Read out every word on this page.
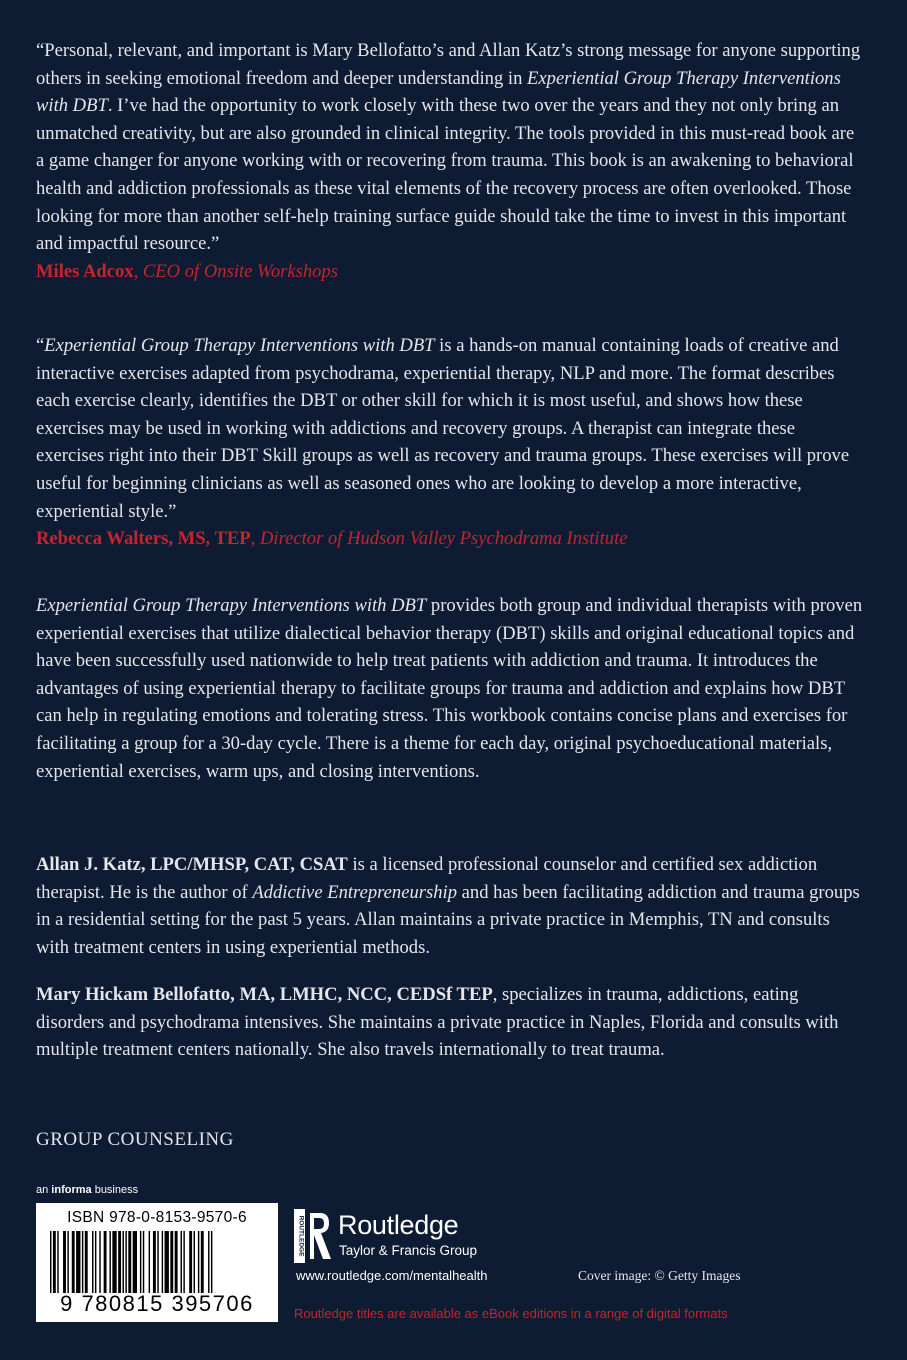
“Personal, relevant, and important is Mary Bellofatto’s and Allan Katz’s strong message for anyone supporting others in seeking emotional freedom and deeper understanding in Experiential Group Therapy Interventions with DBT. I’ve had the opportunity to work closely with these two over the years and they not only bring an unmatched creativity, but are also grounded in clinical integrity. The tools provided in this must-read book are a game changer for anyone working with or recovering from trauma. This book is an awakening to behavioral health and addiction professionals as these vital elements of the recovery process are often overlooked. Those looking for more than another self-help training surface guide should take the time to invest in this important and impactful resource.”

Miles Adcox, CEO of Onsite Workshops

“Experiential Group Therapy Interventions with DBT is a hands-on manual containing loads of creative and interactive exercises adapted from psychodrama, experiential therapy, NLP and more. The format describes each exercise clearly, identifies the DBT or other skill for which it is most useful, and shows how these exercises may be used in working with addictions and recovery groups. A therapist can integrate these exercises right into their DBT Skill groups as well as recovery and trauma groups. These exercises will prove useful for beginning clinicians as well as seasoned ones who are looking to develop a more interactive, experiential style.”

Rebecca Walters, MS, TEP, Director of Hudson Valley Psychodrama Institute

Experiential Group Therapy Interventions with DBT provides both group and individual therapists with proven experiential exercises that utilize dialectical behavior therapy (DBT) skills and original educational topics and have been successfully used nationwide to help treat patients with addiction and trauma. It introduces the advantages of using experiential therapy to facilitate groups for trauma and addiction and explains how DBT can help in regulating emotions and tolerating stress. This workbook contains concise plans and exercises for facilitating a group for a 30-day cycle. There is a theme for each day, original psychoeducational materials, experiential exercises, warm ups, and closing interventions.

Allan J. Katz, LPC/MHSP, CAT, CSAT is a licensed professional counselor and certified sex addiction therapist. He is the author of Addictive Entrepreneurship and has been facilitating addiction and trauma groups in a residential setting for the past 5 years. Allan maintains a private practice in Memphis, TN and consults with treatment centers in using experiential methods.

Mary Hickam Bellofatto, MA, LMHC, NCC, CEDSf TEP, specializes in trauma, addictions, eating disorders and psychodrama intensives. She maintains a private practice in Naples, Florida and consults with multiple treatment centers nationally. She also travels internationally to treat trauma.

GROUP COUNSELING
an informa business
ISBN 978-0-8153-9570-6
9 780815 395706
ROUTLEDGE Routledge
Taylor & Francis Group
www.routledge.com/mentalhealth	Cover image: © Getty Images
Routledge titles are available as eBook editions in a range of digital formats
